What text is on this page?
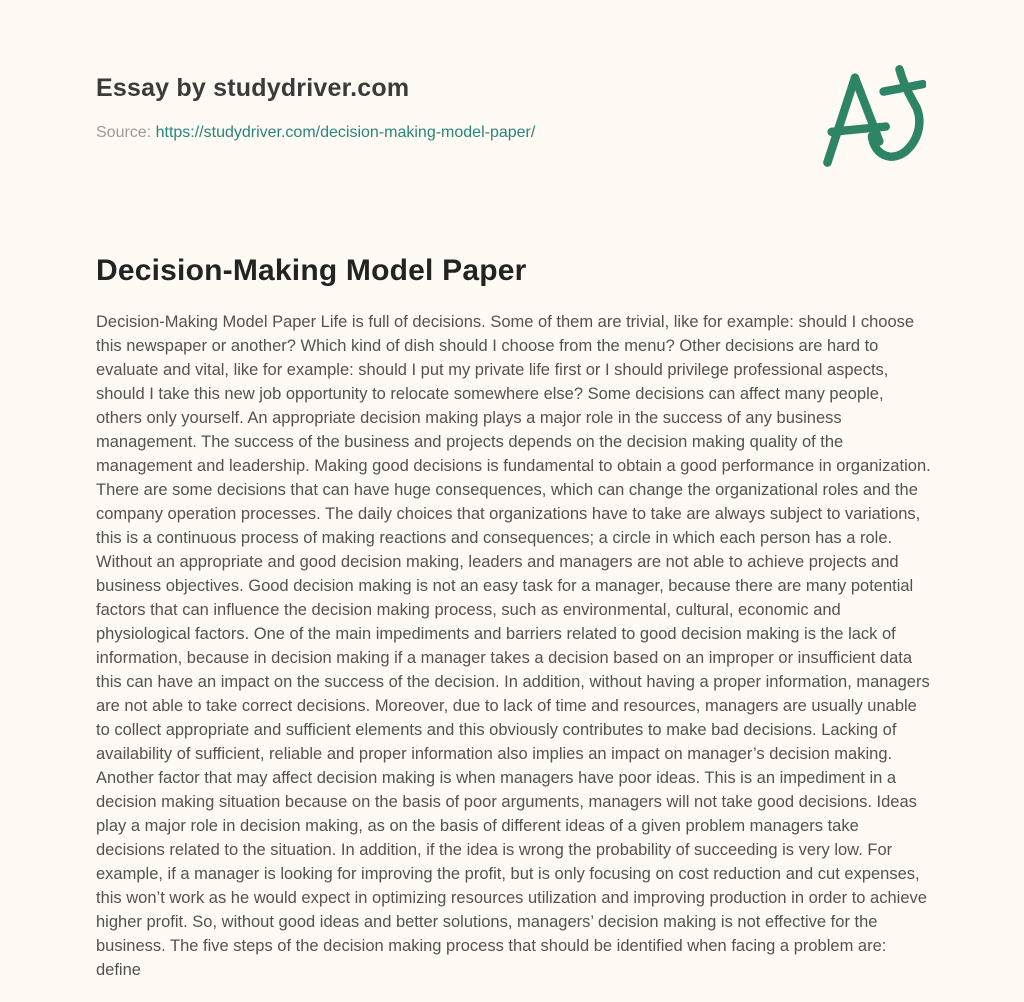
Essay by studydriver.com
Source: https://studydriver.com/decision-making-model-paper/
Decision-Making Model Paper

Decision-Making Model Paper Life is full of decisions. Some of them are trivial, like for example: should I choose this newspaper or another? Which kind of dish should I choose from the menu? Other decisions are hard to evaluate and vital, like for example: should I put my private life first or I should privilege professional aspects, should I take this new job opportunity to relocate somewhere else? Some decisions can affect many people, others only yourself. An appropriate decision making plays a major role in the success of any business management. The success of the business and projects depends on the decision making quality of the management and leadership. Making good decisions is fundamental to obtain a good performance in organization. There are some decisions that can have huge consequences, which can change the organizational roles and the company operation processes. The daily choices that organizations have to take are always subject to variations, this is a continuous process of making reactions and consequences; a circle in which each person has a role. Without an appropriate and good decision making, leaders and managers are not able to achieve projects and business objectives. Good decision making is not an easy task for a manager, because there are many potential factors that can influence the decision making process, such as environmental, cultural, economic and physiological factors. One of the main impediments and barriers related to good decision making is the lack of information, because in decision making if a manager takes a decision based on an improper or insufficient data this can have an impact on the success of the decision. In addition, without having a proper information, managers are not able to take correct decisions. Moreover, due to lack of time and resources, managers are usually unable to collect appropriate and sufficient elements and this obviously contributes to make bad decisions. Lacking of availability of sufficient, reliable and proper information also implies an impact on manager’s decision making. Another factor that may affect decision making is when managers have poor ideas. This is an impediment in a decision making situation because on the basis of poor arguments, managers will not take good decisions. Ideas play a major role in decision making, as on the basis of different ideas of a given problem managers take decisions related to the situation. In addition, if the idea is wrong the probability of succeeding is very low. For example, if a manager is looking for improving the profit, but is only focusing on cost reduction and cut expenses, this won’t work as he would expect in optimizing resources utilization and improving production in order to achieve higher profit. So, without good ideas and better solutions, managers’ decision making is not effective for the business. The five steps of the decision making process that should be identified when facing a problem are: define
